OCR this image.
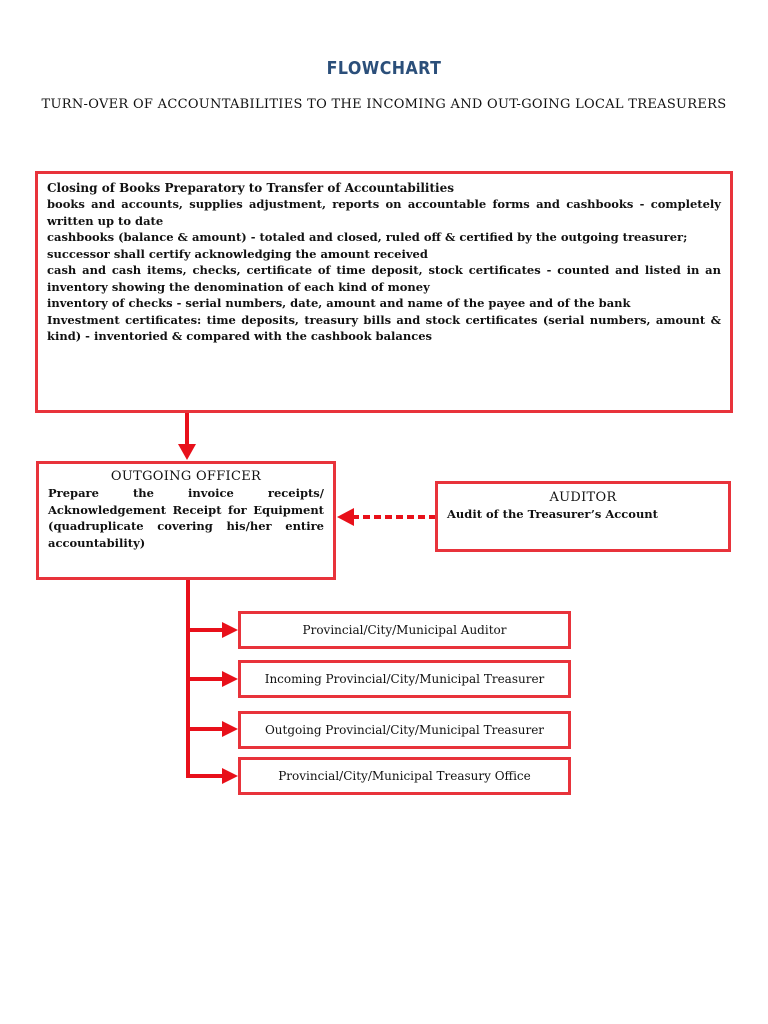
FLOWCHART
TURN-OVER OF ACCOUNTABILITIES TO THE INCOMING AND OUT-GOING LOCAL TREASURERS
Closing of Books Preparatory to Transfer of Accountabilities
books and accounts, supplies adjustment, reports on accountable forms and cashbooks - completely written up to date
cashbooks (balance & amount) - totaled and closed, ruled off & certified by the outgoing treasurer; successor shall certify acknowledging the amount received
cash and cash items, checks, certificate of time deposit, stock certificates - counted and listed in an inventory showing the denomination of each kind of money
inventory of checks - serial numbers, date, amount and name of the payee and of the bank
Investment certificates: time deposits, treasury bills and stock certificates (serial numbers, amount & kind) - inventoried & compared with the cashbook balances
OUTGOING OFFICER
Prepare the invoice receipts/ Acknowledgement Receipt for Equipment (quadruplicate covering his/her entire accountability)
AUDITOR
Audit of the Treasurer’s Account
Provincial/City/Municipal Auditor
Incoming Provincial/City/Municipal Treasurer
Outgoing Provincial/City/Municipal Treasurer
Provincial/City/Municipal Treasury Office
